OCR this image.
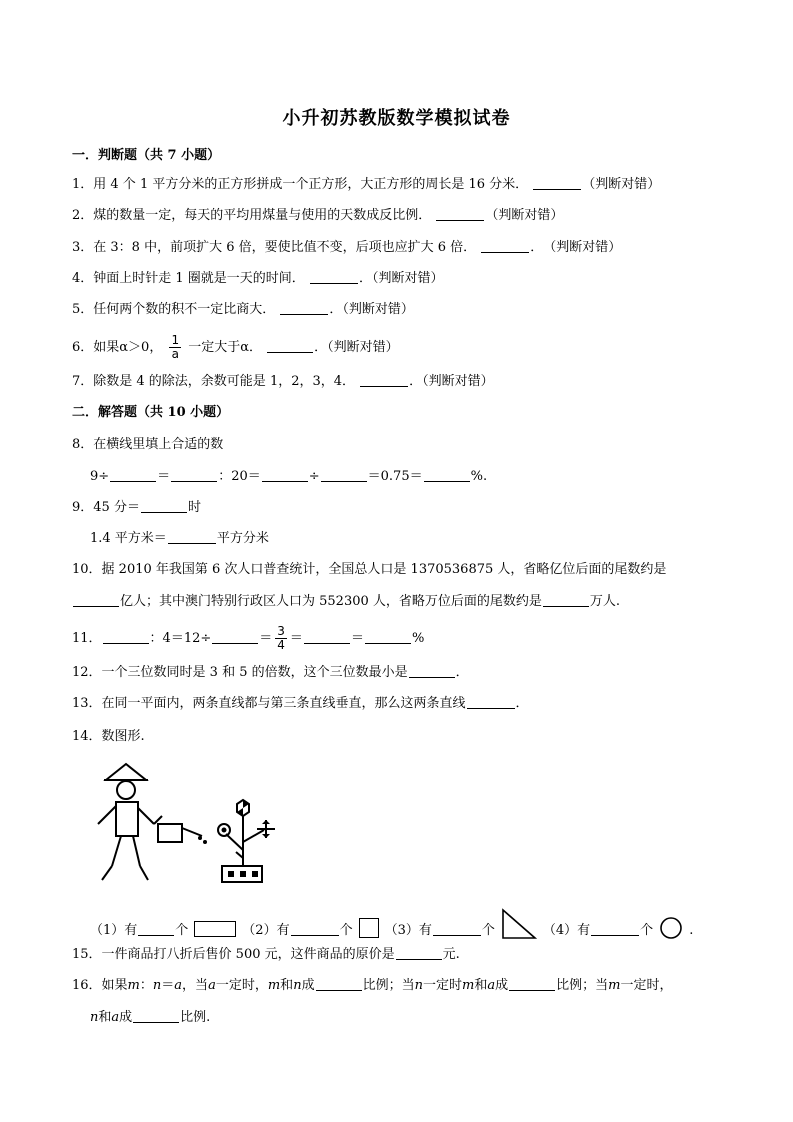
小升初苏教版数学模拟试卷
一．判断题（共 7 小题）
1．用 4 个 1 平方分米的正方形拼成一个正方形，大正方形的周长是 16 分米．	（判断对错）
2．煤的数量一定，每天的平均用煤量与使用的天数成反比例．	（判断对错）
3．在 3：8 中，前项扩大 6 倍，要使比值不变，后项也应扩大 6 倍．	．　（判断对错）
4．钟面上时针走 1 圈就是一天的时间．	．（判断对错）
5．任何两个数的积不一定比商大．	．（判断对错）
6．如果α＞0， $\frac{1}{a}$ 一定大于α．	．（判断对错）
7．除数是 4 的除法，余数可能是 1，2，3，4．	．（判断对错）
二．解答题（共 10 小题）
8．在横线里填上合适的数
9÷	＝	：20＝	÷	＝0.75＝	%.
9．45 分＝	时
1.4 平方米＝	平方分米
10．据 2010 年我国第 6 次人口普查统计，全国总人口是 1370536875 人，省略亿位后面的尾数约是
亿人；其中澳门特别行政区人口为 552300 人，省略万位后面的尾数约是	万人.
11．	：4＝12÷	＝ $\frac{3}{4}$ ＝	＝	%
12．一个三位数同时是 3 和 5 的倍数，这个三位数最小是	．
13．在同一平面内，两条直线都与第三条直线垂直，那么这两条直线	．
14．数图形.
（1）有	个	（2）有	个 （3）有	个	（4）有	个	.
15．一件商品打八折后售价 500 元，这件商品的原价是	元.
16．如果m：n＝a，当a一定时，m和n成	比例；当n一定时m和a成	比例；当m一定时，
n和a成	比例.
